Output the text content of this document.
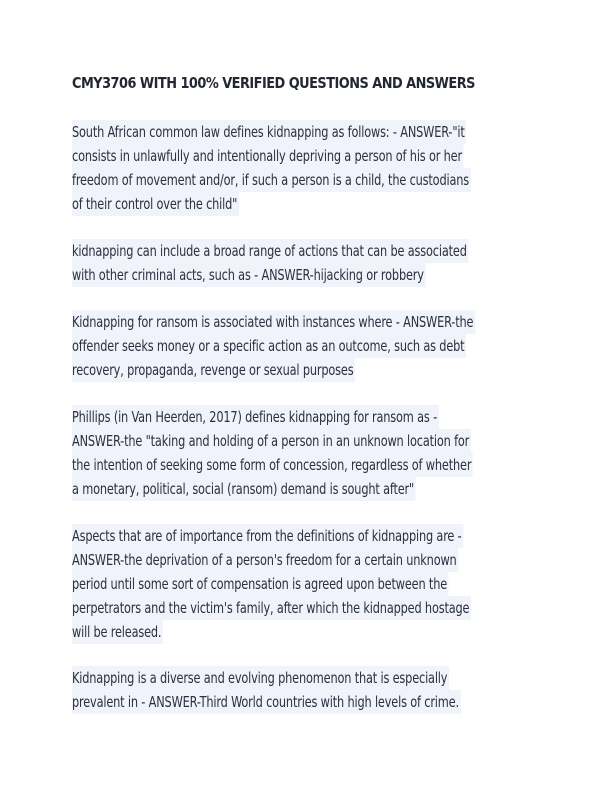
CMY3706 WITH 100% VERIFIED QUESTIONS AND ANSWERS
South African common law defines kidnapping as follows: - ANSWER-"it
consists in unlawfully and intentionally depriving a person of his or her
freedom of movement and/or, if such a person is a child, the custodians
of their control over the child"
kidnapping can include a broad range of actions that can be associated
with other criminal acts, such as - ANSWER-hijacking or robbery
Kidnapping for ransom is associated with instances where - ANSWER-the
offender seeks money or a specific action as an outcome, such as debt
recovery, propaganda, revenge or sexual purposes
Phillips (in Van Heerden, 2017) defines kidnapping for ransom as -
ANSWER-the "taking and holding of a person in an unknown location for
the intention of seeking some form of concession, regardless of whether
a monetary, political, social (ransom) demand is sought after"
Aspects that are of importance from the definitions of kidnapping are -
ANSWER-the deprivation of a person's freedom for a certain unknown
period until some sort of compensation is agreed upon between the
perpetrators and the victim's family, after which the kidnapped hostage
will be released.
Kidnapping is a diverse and evolving phenomenon that is especially
prevalent in - ANSWER-Third World countries with high levels of crime.
